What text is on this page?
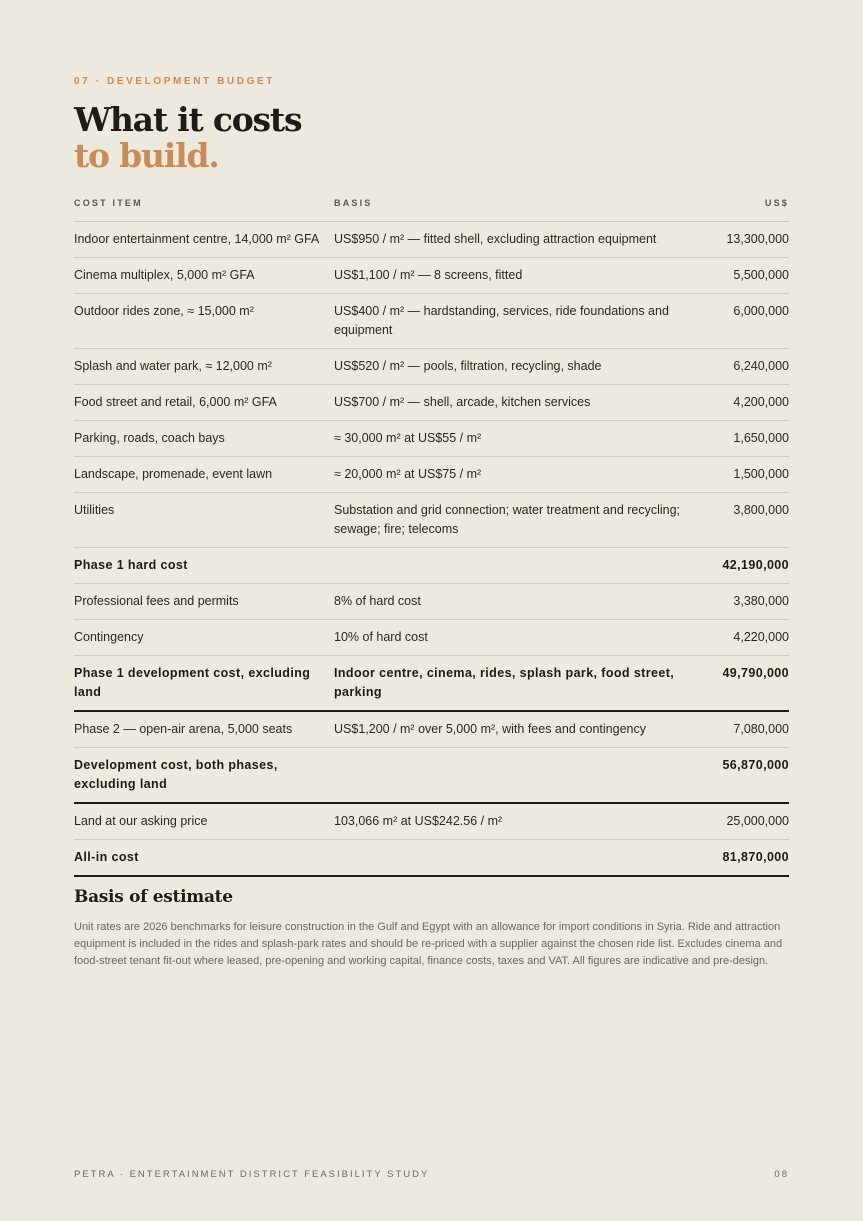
07 · DEVELOPMENT BUDGET
What it costs
to build.
COST ITEM	BASIS	US$
Indoor entertainment centre, 14,000 m² GFA	US$950 / m² — fitted shell, excluding attraction equipment	13,300,000
Cinema multiplex, 5,000 m² GFA	US$1,100 / m² — 8 screens, fitted	5,500,000
Outdoor rides zone, ≈ 15,000 m²	US$400 / m² — hardstanding, services, ride foundations and equipment	6,000,000
Splash and water park, ≈ 12,000 m²	US$520 / m² — pools, filtration, recycling, shade	6,240,000
Food street and retail, 6,000 m² GFA	US$700 / m² — shell, arcade, kitchen services	4,200,000
Parking, roads, coach bays	≈ 30,000 m² at US$55 / m²	1,650,000
Landscape, promenade, event lawn	≈ 20,000 m² at US$75 / m²	1,500,000
Utilities	Substation and grid connection; water treatment and recycling; sewage; fire; telecoms	3,800,000
Phase 1 hard cost		42,190,000
Professional fees and permits	8% of hard cost	3,380,000
Contingency	10% of hard cost	4,220,000
Phase 1 development cost, excluding land	Indoor centre, cinema, rides, splash park, food street, parking	49,790,000
Phase 2 — open-air arena, 5,000 seats	US$1,200 / m² over 5,000 m², with fees and contingency	7,080,000
Development cost, both phases, excluding land		56,870,000
Land at our asking price	103,066 m² at US$242.56 / m²	25,000,000
All-in cost		81,870,000
Basis of estimate
Unit rates are 2026 benchmarks for leisure construction in the Gulf and Egypt with an allowance for import conditions in Syria. Ride and attraction equipment is included in the rides and splash-park rates and should be re-priced with a supplier against the chosen ride list. Excludes cinema and food-street tenant fit-out where leased, pre-opening and working capital, finance costs, taxes and VAT. All figures are indicative and pre-design.
PETRA · ENTERTAINMENT DISTRICT FEASIBILITY STUDY	08
